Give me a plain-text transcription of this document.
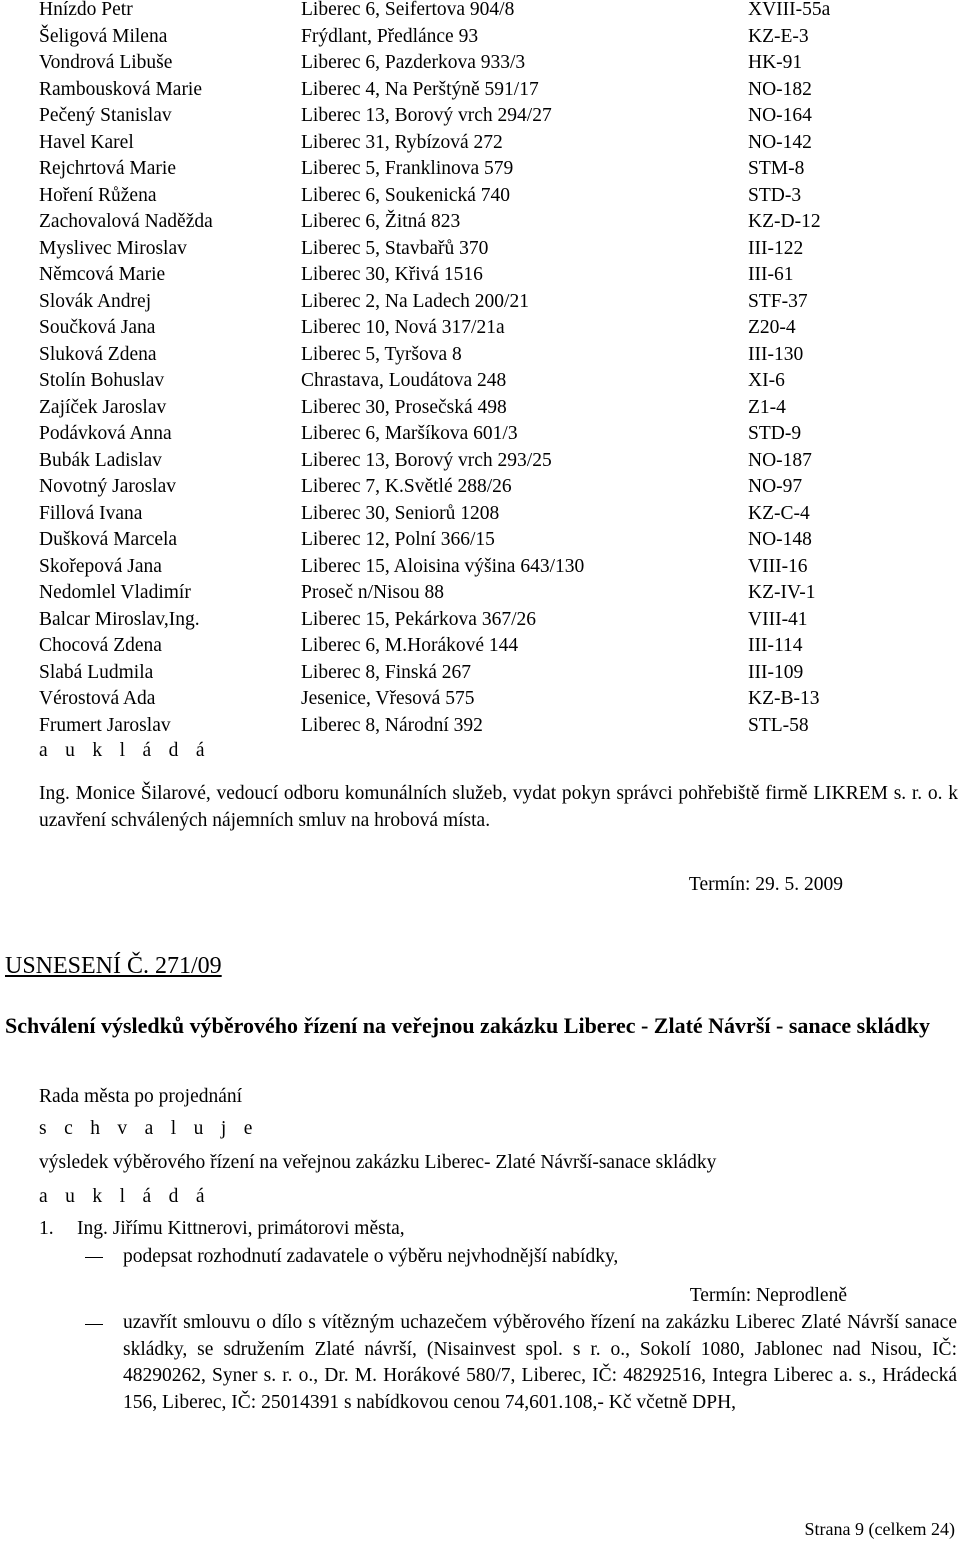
Hnízdo Petr	Liberec 6, Seifertova 904/8	XVIII-55a
Šeligová Milena	Frýdlant, Předlánce 93	KZ-E-3
Vondrová Libuše	Liberec 6, Pazderkova 933/3	HK-91
Rambousková Marie	Liberec 4, Na Perštýně 591/17	NO-182
Pečený Stanislav	Liberec 13, Borový vrch 294/27	NO-164
Havel Karel	Liberec 31, Rybízová 272	NO-142
Rejchrtová Marie	Liberec 5, Franklinova 579	STM-8
Hoření Růžena	Liberec 6, Soukenická 740	STD-3
Zachovalová Naděžda	Liberec 6, Žitná 823	KZ-D-12
Myslivec Miroslav	Liberec 5, Stavbařů 370	III-122
Němcová Marie	Liberec 30, Křivá 1516	III-61
Slovák Andrej	Liberec 2, Na Ladech 200/21	STF-37
Součková Jana	Liberec 10, Nová 317/21a	Z20-4
Sluková Zdena	Liberec 5, Tyršova 8	III-130
Stolín Bohuslav	Chrastava, Loudátova 248	XI-6
Zajíček Jaroslav	Liberec 30, Prosečská 498	Z1-4
Podávková Anna	Liberec 6, Maršíkova 601/3	STD-9
Bubák Ladislav	Liberec 13, Borový vrch 293/25	NO-187
Novotný Jaroslav	Liberec 7, K.Světlé 288/26	NO-97
Fillová Ivana	Liberec 30, Seniorů 1208	KZ-C-4
Dušková Marcela	Liberec 12, Polní 366/15	NO-148
Skořepová Jana	Liberec 15, Aloisina výšina 643/130	VIII-16
Nedomlel Vladimír	Proseč n/Nisou 88	KZ-IV-1
Balcar Miroslav,Ing.	Liberec 15, Pekárkova 367/26	VIII-41
Chocová Zdena	Liberec 6, M.Horákové 144	III-114
Slabá Ludmila	Liberec 8, Finská 267	III-109
Vérostová Ada	Jesenice, Vřesová 575	KZ-B-13
Frumert Jaroslav	Liberec 8, Národní 392	STL-58
a u k l á d á
Ing. Monice Šilarové, vedoucí odboru komunálních služeb, vydat pokyn správci pohřebiště firmě LIKREM s. r. o. k uzavření schválených nájemních smluv na hrobová místa.
Termín: 29. 5. 2009
USNESENÍ Č. 271/09
Schválení výsledků výběrového řízení na veřejnou zakázku Liberec - Zlaté Návrší - sanace skládky
Rada města po projednání
s c h v a l u j e
výsledek výběrového řízení na veřejnou zakázku Liberec- Zlaté Návrší-sanace skládky
a u k l á d á
1. Ing. Jiřímu Kittnerovi, primátorovi města,
podepsat rozhodnutí zadavatele o výběru nejvhodnější nabídky,
Termín: Neprodleně
uzavřít smlouvu o dílo s vítězným uchazečem výběrového řízení na zakázku Liberec Zlaté Návrší sanace skládky, se sdružením Zlaté návrší, (Nisainvest spol. s r. o., Sokolí 1080, Jablonec nad Nisou, IČ: 48290262, Syner s. r. o., Dr. M. Horákové 580/7, Liberec, IČ: 48292516, Integra Liberec a. s., Hrádecká 156, Liberec, IČ: 25014391 s nabídkovou cenou 74,601.108,- Kč včetně DPH,
Strana 9 (celkem 24)
